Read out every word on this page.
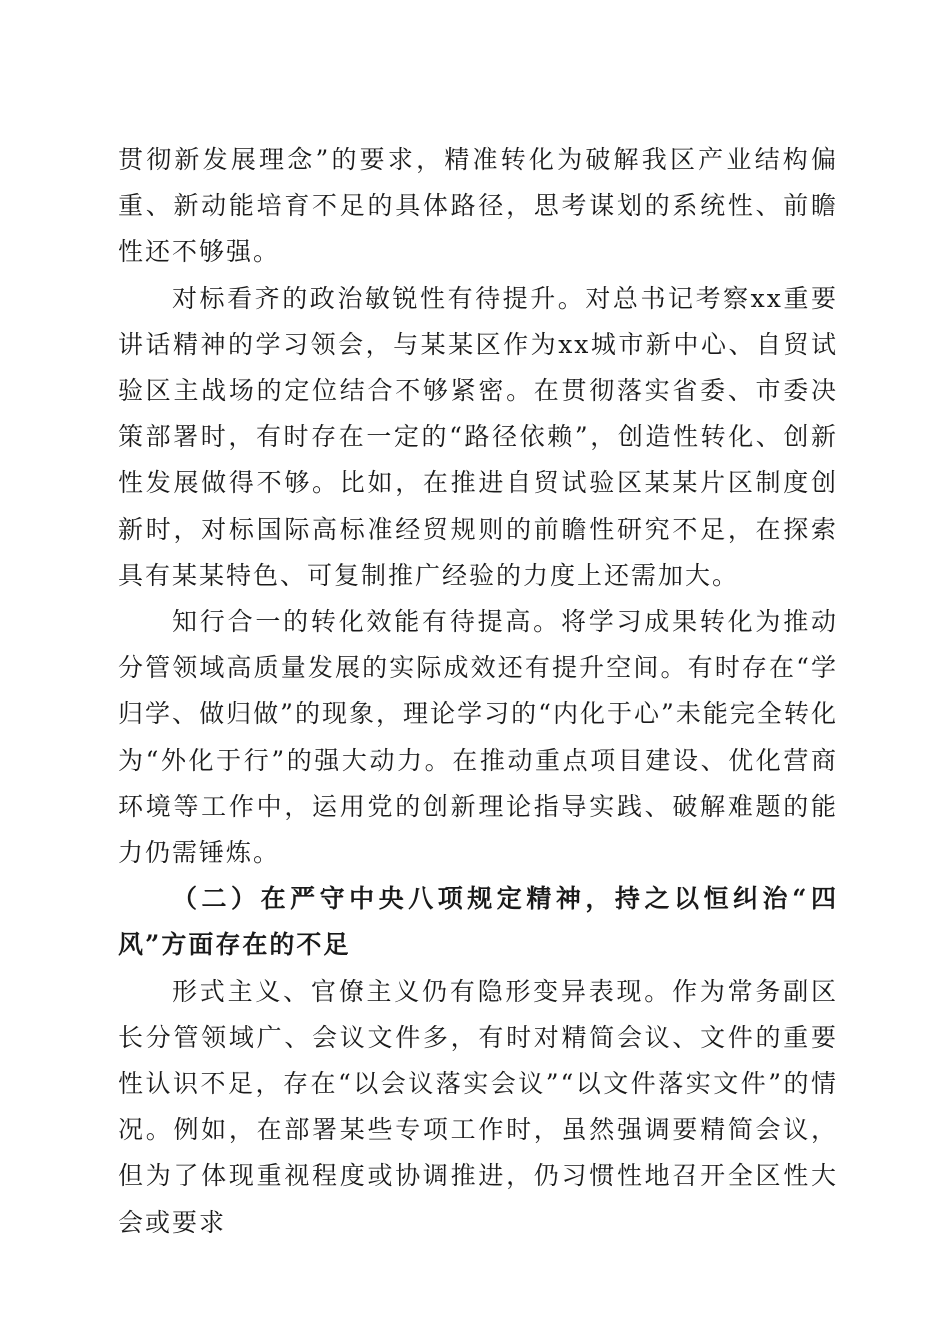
贯彻新发展理念”的要求，精准转化为破解我区产业结构偏重、新动能培育不足的具体路径，思考谋划的系统性、前瞻性还不够强。

对标看齐的政治敏锐性有待提升。对总书记考察xx重要讲话精神的学习领会，与某某区作为xx城市新中心、自贸试验区主战场的定位结合不够紧密。在贯彻落实省委、市委决策部署时，有时存在一定的“路径依赖”，创造性转化、创新性发展做得不够。比如，在推进自贸试验区某某片区制度创新时，对标国际高标准经贸规则的前瞻性研究不足，在探索具有某某特色、可复制推广经验的力度上还需加大。

知行合一的转化效能有待提高。将学习成果转化为推动分管领域高质量发展的实际成效还有提升空间。有时存在“学归学、做归做”的现象，理论学习的“内化于心”未能完全转化为“外化于行”的强大动力。在推动重点项目建设、优化营商环境等工作中，运用党的创新理论指导实践、破解难题的能力仍需锤炼。

（二）在严守中央八项规定精神，持之以恒纠治“四风”方面存在的不足

形式主义、官僚主义仍有隐形变异表现。作为常务副区长分管领域广、会议文件多，有时对精简会议、文件的重要性认识不足，存在“以会议落实会议”“以文件落实文件”的情况。例如，在部署某些专项工作时，虽然强调要精简会议，但为了体现重视程度或协调推进，仍习惯性地召开全区性大会或要求
